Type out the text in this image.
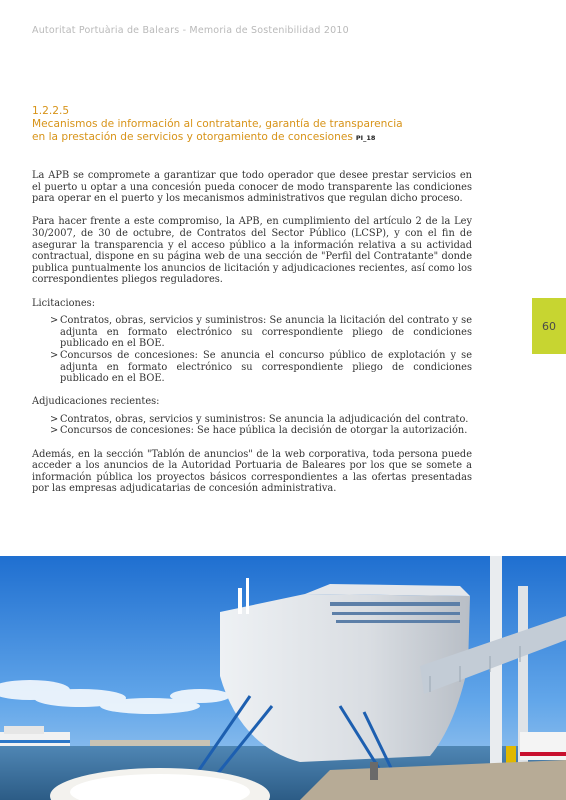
Autoritat Portuària de Balears - Memoria de Sostenibilidad 2010
60
1.2.2.5
Mecanismos de información al contratante, garantía de transparencia en la prestación de servicios y otorgamiento de concesiones PI_18

La APB se compromete a garantizar que todo operador que desee prestar servicios en el puerto u optar a una concesión pueda conocer de modo transparente las condiciones para operar en el puerto y los mecanismos administrativos que regulan dicho proceso.

Para hacer frente a este compromiso, la APB, en cumplimiento del artículo 2 de la Ley 30/2007, de 30 de octubre, de Contratos del Sector Público (LCSP), y con el fin de asegurar la transparencia y el acceso público a la información relativa a su actividad contractual, dispone en su página web de una sección de "Perfil del Contratante" donde publica puntualmente los anuncios de licitación y adjudicaciones recientes, así como los correspondientes pliegos reguladores.

Licitaciones:

> Contratos, obras, servicios y suministros: Se anuncia la licitación del contrato y se adjunta en formato electrónico su correspondiente pliego de condiciones publicado en el BOE.
> Concursos de concesiones: Se anuncia el concurso público de explotación y se adjunta en formato electrónico su correspondiente pliego de condiciones publicado en el BOE.

Adjudicaciones recientes:

> Contratos, obras, servicios y suministros: Se anuncia la adjudicación del contrato.
> Concursos de concesiones: Se hace pública la decisión de otorgar la autorización.

Además, en la sección "Tablón de anuncios" de la web corporativa, toda persona puede acceder a los anuncios de la Autoridad Portuaria de Baleares por los que se somete a información pública los proyectos básicos correspondientes a las ofertas presentadas por las empresas adjudicatarias de concesión administrativa.
